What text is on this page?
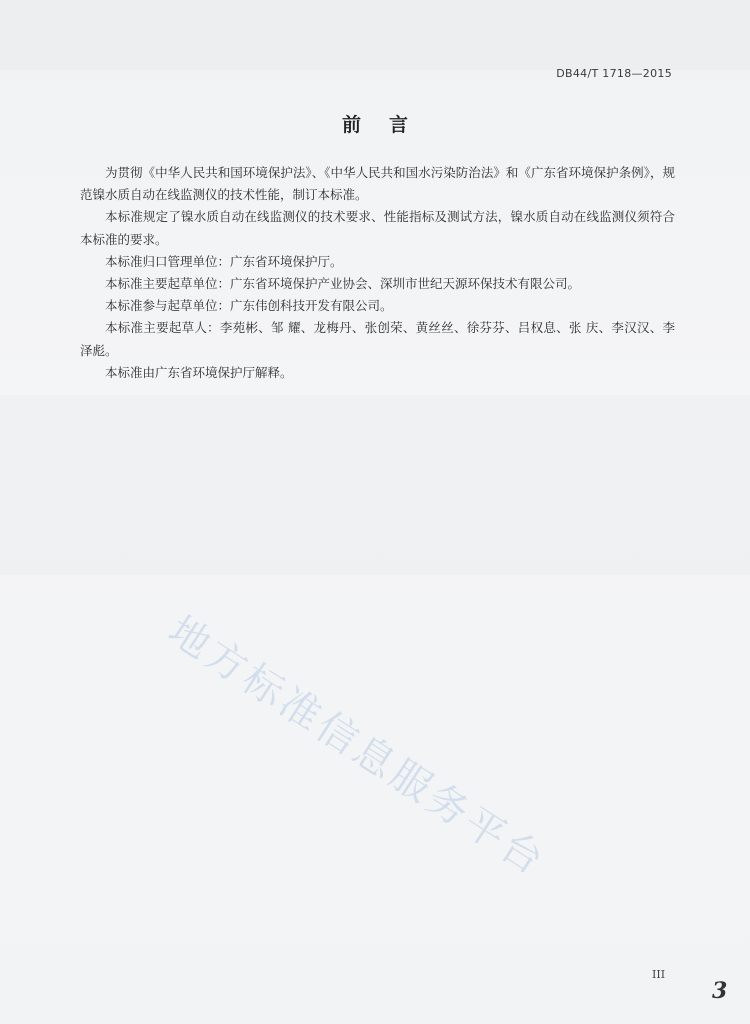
DB44/T 1718—2015
前言

为贯彻《中华人民共和国环境保护法》、《中华人民共和国水污染防治法》和《广东省环境保护条例》，规范镍水质自动在线监测仪的技术性能，制订本标准。

本标准规定了镍水质自动在线监测仪的技术要求、性能指标及测试方法，镍水质自动在线监测仪须符合本标准的要求。

本标准归口管理单位：广东省环境保护厅。

本标准主要起草单位：广东省环境保护产业协会、深圳市世纪天源环保技术有限公司。

本标准参与起草单位：广东伟创科技开发有限公司。

本标准主要起草人：李苑彬、邹 耀、龙梅丹、张创荣、黄丝丝、徐芬芬、吕权息、张 庆、李汉汉、李泽彪。

本标准由广东省环境保护厅解释。

地方标准信息服务平台
III
3
